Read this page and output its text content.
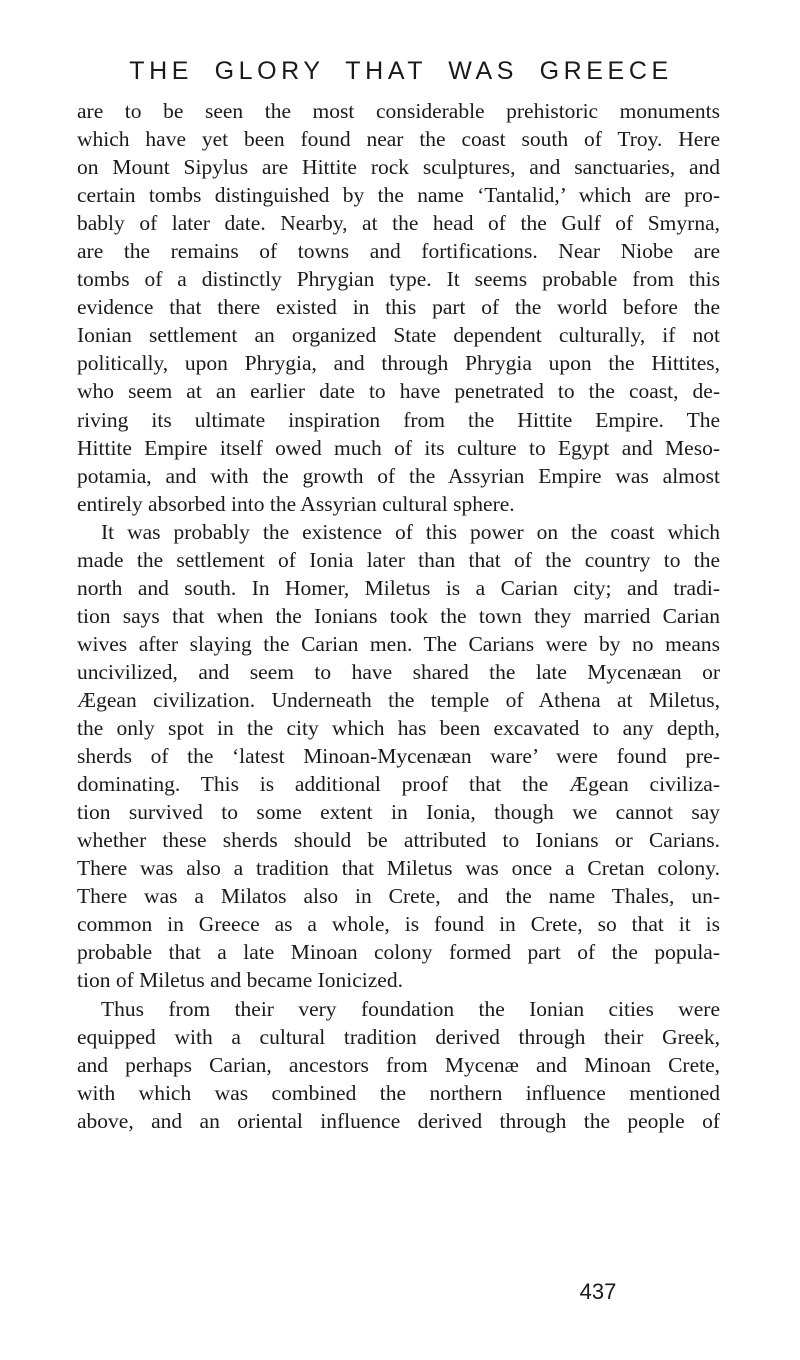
THE GLORY THAT WAS GREECE
are to be seen the most considerable prehistoric monuments
which have yet been found near the coast south of Troy. Here
on Mount Sipylus are Hittite rock sculptures, and sanctuaries, and
certain tombs distinguished by the name ‘Tantalid,’ which are pro-
bably of later date. Nearby, at the head of the Gulf of Smyrna,
are the remains of towns and fortifications. Near Niobe are
tombs of a distinctly Phrygian type. It seems probable from this
evidence that there existed in this part of the world before the
Ionian settlement an organized State dependent culturally, if not
politically, upon Phrygia, and through Phrygia upon the Hittites,
who seem at an earlier date to have penetrated to the coast, de-
riving its ultimate inspiration from the Hittite Empire. The
Hittite Empire itself owed much of its culture to Egypt and Meso-
potamia, and with the growth of the Assyrian Empire was almost
entirely absorbed into the Assyrian cultural sphere.
It was probably the existence of this power on the coast which
made the settlement of Ionia later than that of the country to the
north and south. In Homer, Miletus is a Carian city; and tradi-
tion says that when the Ionians took the town they married Carian
wives after slaying the Carian men. The Carians were by no means
uncivilized, and seem to have shared the late Mycenæan or
Ægean civilization. Underneath the temple of Athena at Miletus,
the only spot in the city which has been excavated to any depth,
sherds of the ‘latest Minoan-Mycenæan ware’ were found pre-
dominating. This is additional proof that the Ægean civiliza-
tion survived to some extent in Ionia, though we cannot say
whether these sherds should be attributed to Ionians or Carians.
There was also a tradition that Miletus was once a Cretan colony.
There was a Milatos also in Crete, and the name Thales, un-
common in Greece as a whole, is found in Crete, so that it is
probable that a late Minoan colony formed part of the popula-
tion of Miletus and became Ionicized.
Thus from their very foundation the Ionian cities were
equipped with a cultural tradition derived through their Greek,
and perhaps Carian, ancestors from Mycenæ and Minoan Crete,
with which was combined the northern influence mentioned
above, and an oriental influence derived through the people of
437
